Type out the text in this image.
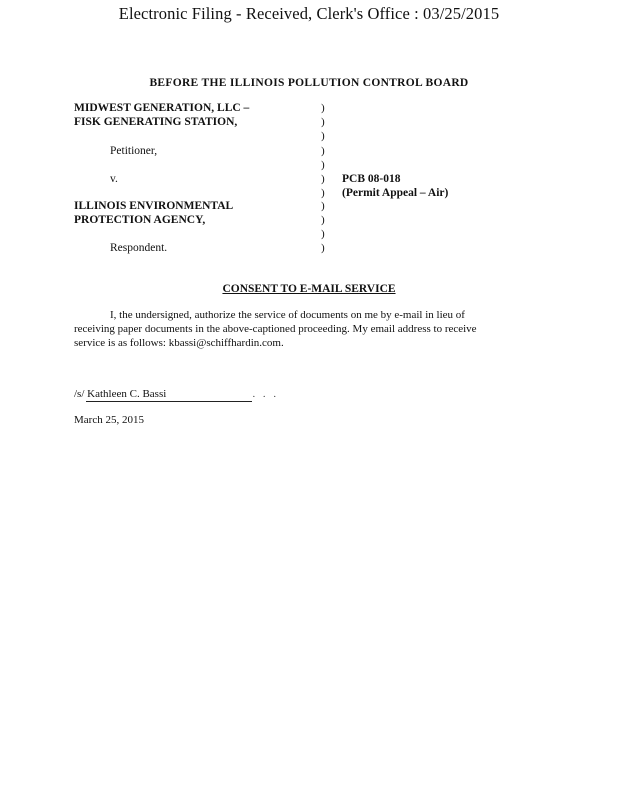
Electronic Filing - Received, Clerk's Office : 03/25/2015
BEFORE THE ILLINOIS POLLUTION CONTROL BOARD
MIDWEST GENERATION, LLC –
FISK GENERATING STATION,
Petitioner,
v.
ILLINOIS ENVIRONMENTAL
PROTECTION AGENCY,
Respondent.
)
)
)
)
)
)
)
)
)
)
)
PCB 08-018
(Permit Appeal – Air)
CONSENT TO E-MAIL SERVICE
I, the undersigned, authorize the service of documents on me by e-mail in lieu of
receiving paper documents in the above-captioned proceeding. My email address to receive
service is as follows: kbassi@schiffhardin.com.
/s/ Kathleen C. Bassi	· · ·
March 25, 2015
